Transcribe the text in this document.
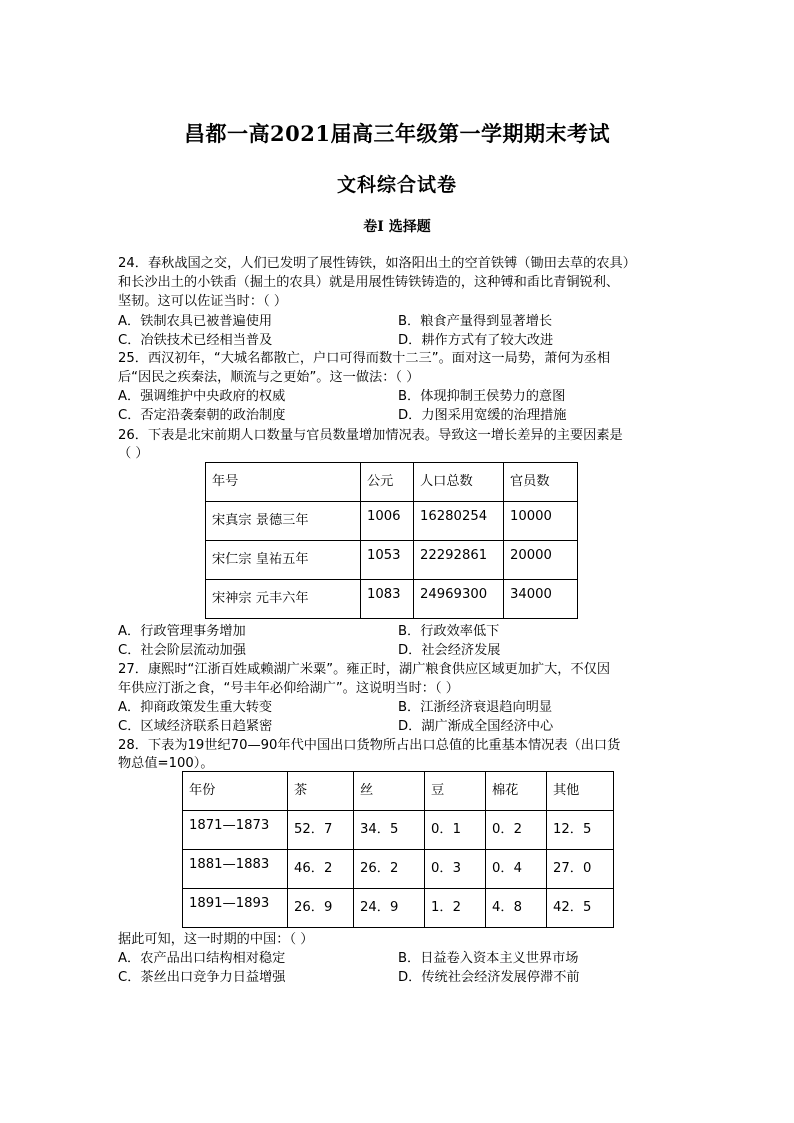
昌都一高2021届高三年级第一学期期末考试
文科综合试卷
卷Ⅰ 选择题
24．春秋战国之交，人们已发明了展性铸铁，如洛阳出土的空首铁镈（锄田去草的农具）
和长沙出土的小铁臿（掘土的农具）就是用展性铸铁铸造的，这种镈和臿比青铜锐利、
坚韧。这可以佐证当时：（ ）
A．铁制农具已被普遍使用	B．粮食产量得到显著增长
C．冶铁技术已经相当普及	D．耕作方式有了较大改进
25．西汉初年，“大城名都散亡，户口可得而数十二三”。面对这一局势，萧何为丞相
后“因民之疾秦法，顺流与之更始”。这一做法：（ ）
A．强调维护中央政府的权威	B．体现抑制王侯势力的意图
C．否定沿袭秦朝的政治制度	D．力图采用宽缓的治理措施
26．下表是北宋前期人口数量与官员数量增加情况表。导致这一增长差异的主要因素是
（ ）
年号	公元	人口总数	官员数
宋真宗 景德三年	1006	16280254	10000
宋仁宗 皇祐五年	1053	22292861	20000
宋神宗 元丰六年	1083	24969300	34000
A．行政管理事务增加	B．行政效率低下
C．社会阶层流动加强	D．社会经济发展
27．康熙时“江浙百姓咸赖湖广米粟”。雍正时，湖广粮食供应区域更加扩大，不仅因
年供应汀浙之食，“号丰年必仰给湖广”。这说明当时：（ ）
A．抑商政策发生重大转变	B．江浙经济衰退趋向明显
C．区域经济联系日趋紧密	D．湖广渐成全国经济中心
28．下表为19世纪70—90年代中国出口货物所占出口总值的比重基本情况表（出口货
物总值=100）。
年份	茶	丝	豆	棉花	其他
1871—1873	52．7	34．5	0．1	0．2	12．5
1881—1883	46．2	26．2	0．3	0．4	27．0
1891—1893	26．9	24．9	1．2	4．8	42．5
据此可知，这一时期的中国：（ ）
A．农产品出口结构相对稳定	B．日益卷入资本主义世界市场
C．茶丝出口竞争力日益增强	D．传统社会经济发展停滞不前
